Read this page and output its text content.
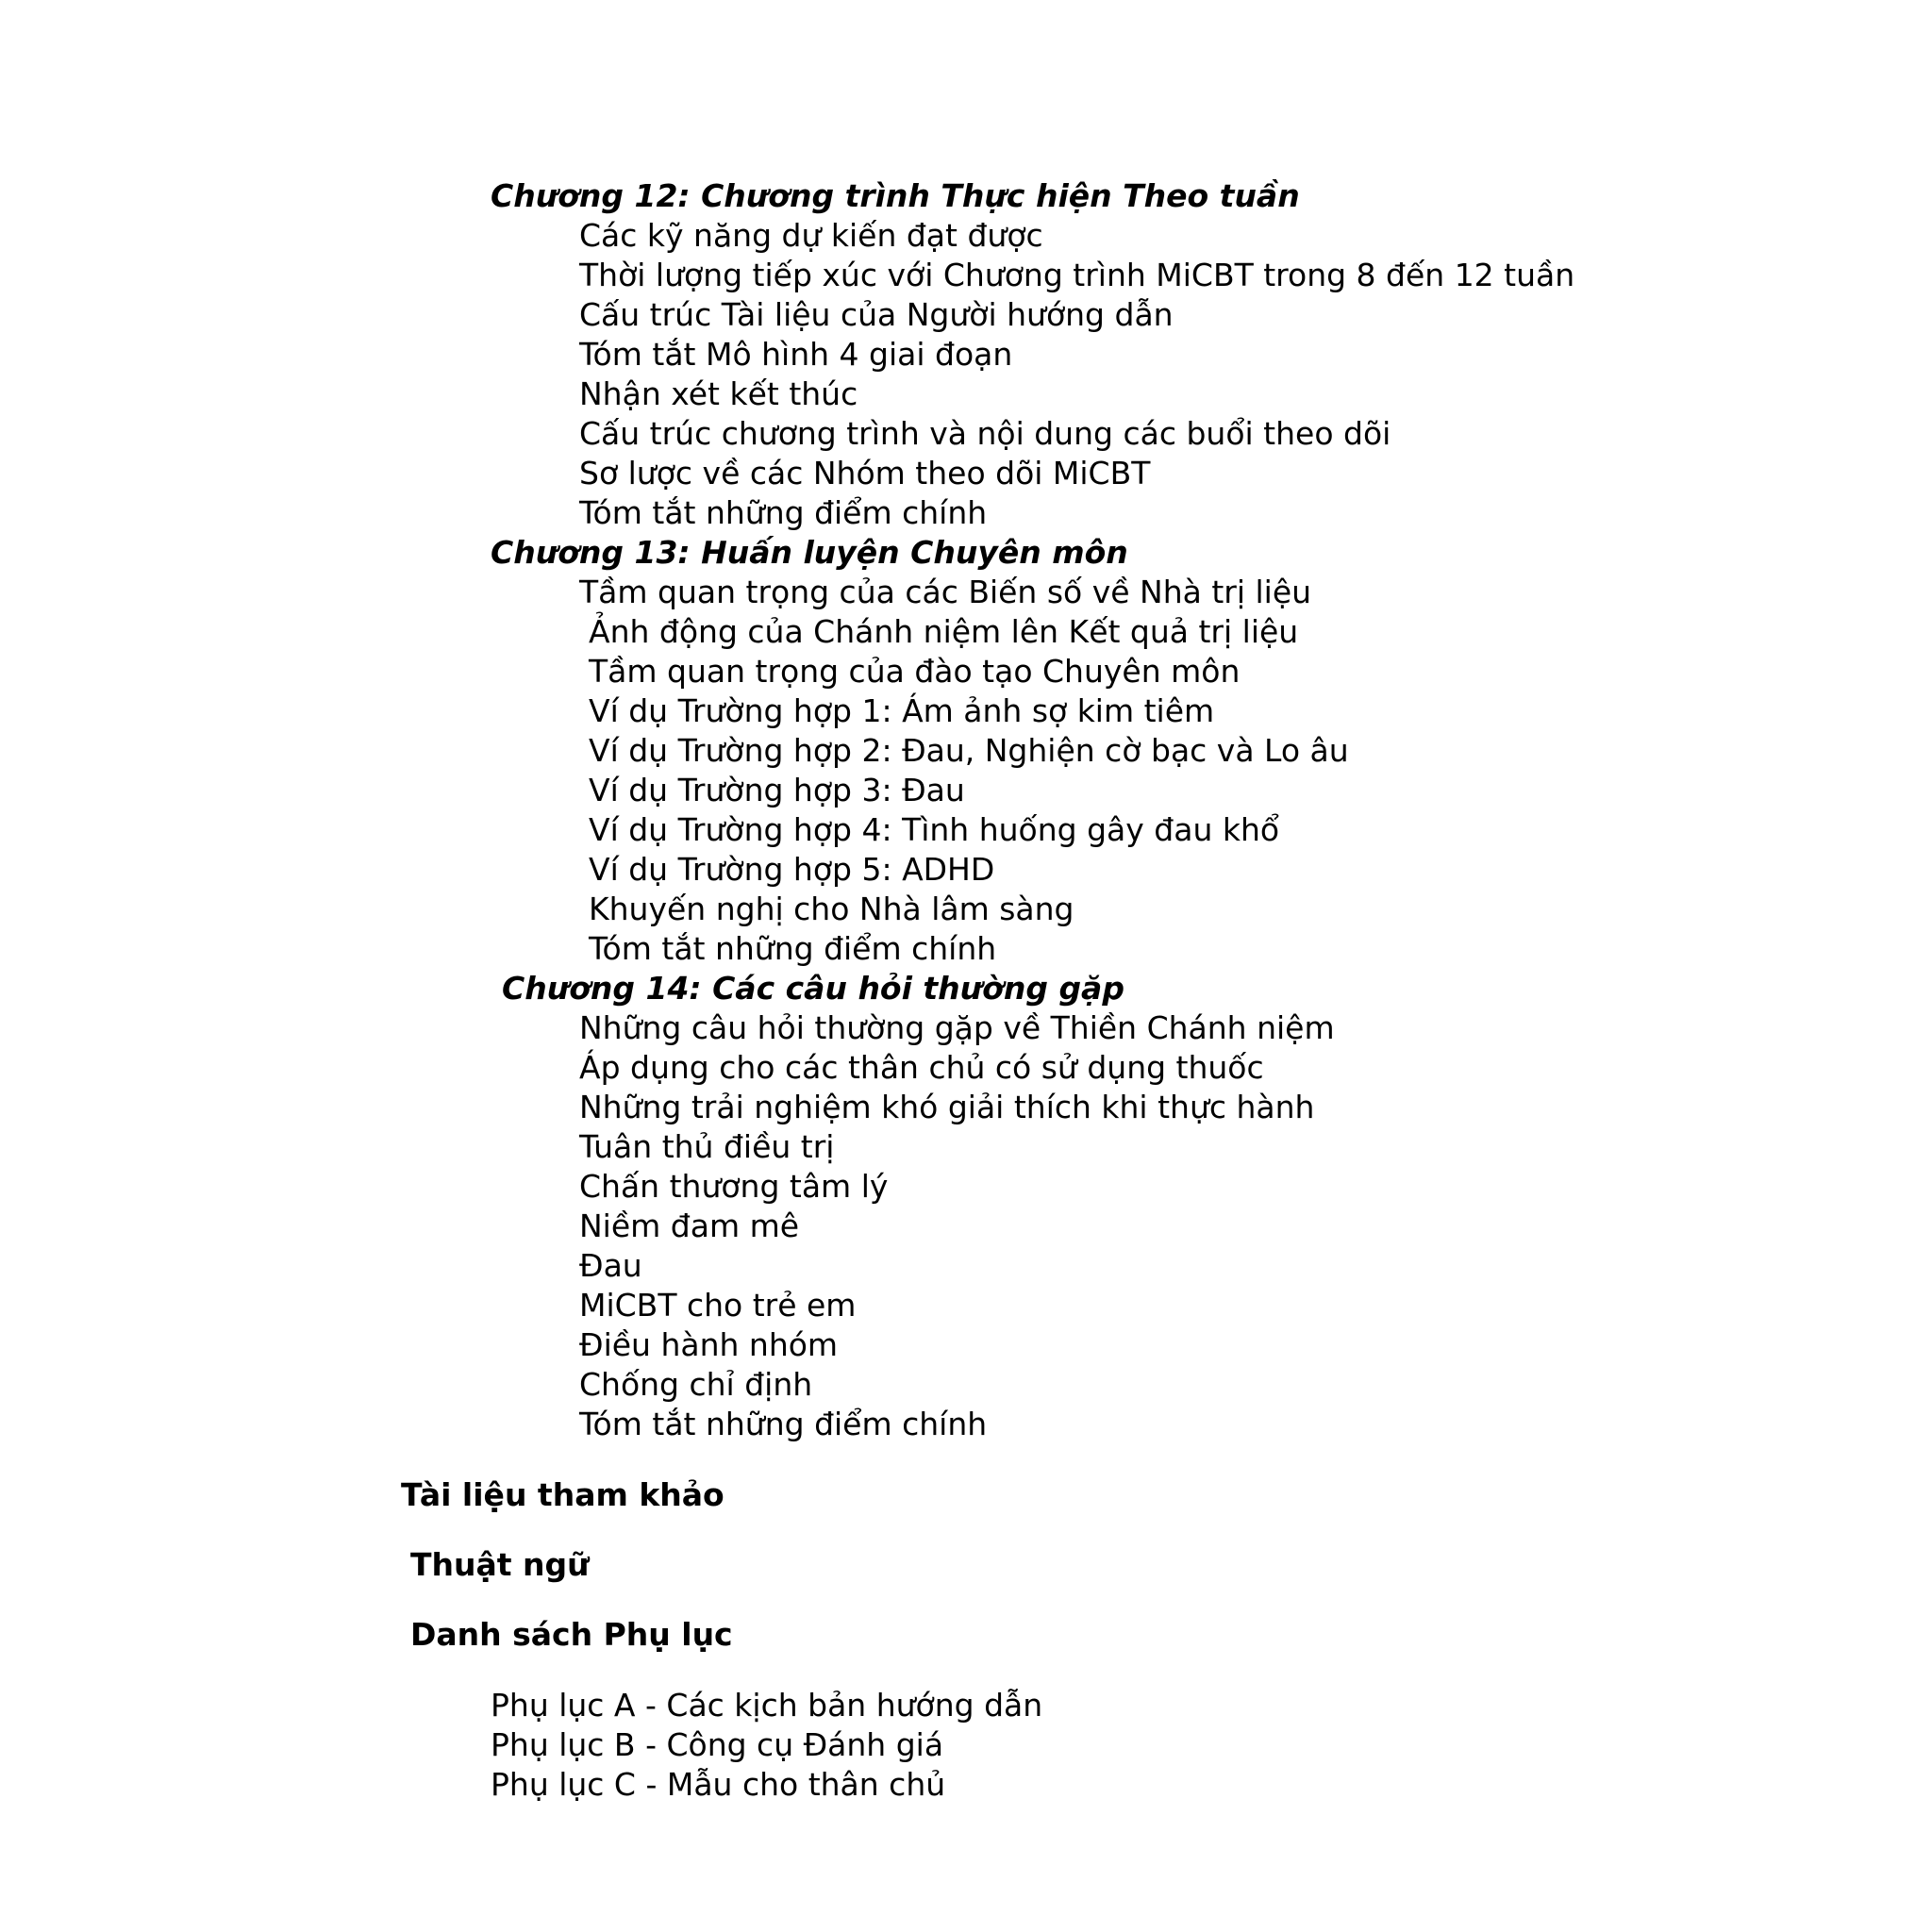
Chương 12: Chương trình Thực hiện Theo tuần
Các kỹ năng dự kiến đạt được
Thời lượng tiếp xúc với Chương trình MiCBT trong 8 đến 12 tuần
Cấu trúc Tài liệu của Người hướng dẫn
Tóm tắt Mô hình 4 giai đoạn
Nhận xét kết thúc
Cấu trúc chương trình và nội dung các buổi theo dõi
Sơ lược về các Nhóm theo dõi MiCBT
Tóm tắt những điểm chính
Chương 13: Huấn luyện Chuyên môn
Tầm quan trọng của các Biến số về Nhà trị liệu
Ảnh động của Chánh niệm lên Kết quả trị liệu
Tầm quan trọng của đào tạo Chuyên môn
Ví dụ Trường hợp 1: Ám ảnh sợ kim tiêm
Ví dụ Trường hợp 2: Đau, Nghiện cờ bạc và Lo âu
Ví dụ Trường hợp 3: Đau
Ví dụ Trường hợp 4: Tình huống gây đau khổ
Ví dụ Trường hợp 5: ADHD
Khuyến nghị cho Nhà lâm sàng
Tóm tắt những điểm chính
Chương 14: Các câu hỏi thường gặp
Những câu hỏi thường gặp về Thiền Chánh niệm
Áp dụng cho các thân chủ có sử dụng thuốc
Những trải nghiệm khó giải thích khi thực hành
Tuân thủ điều trị
Chấn thương tâm lý
Niềm đam mê
Đau
MiCBT cho trẻ em
Điều hành nhóm
Chống chỉ định
Tóm tắt những điểm chính
Tài liệu tham khảo
Thuật ngữ
Danh sách Phụ lục
Phụ lục A - Các kịch bản hướng dẫn
Phụ lục B - Công cụ Đánh giá
Phụ lục C - Mẫu cho thân chủ
